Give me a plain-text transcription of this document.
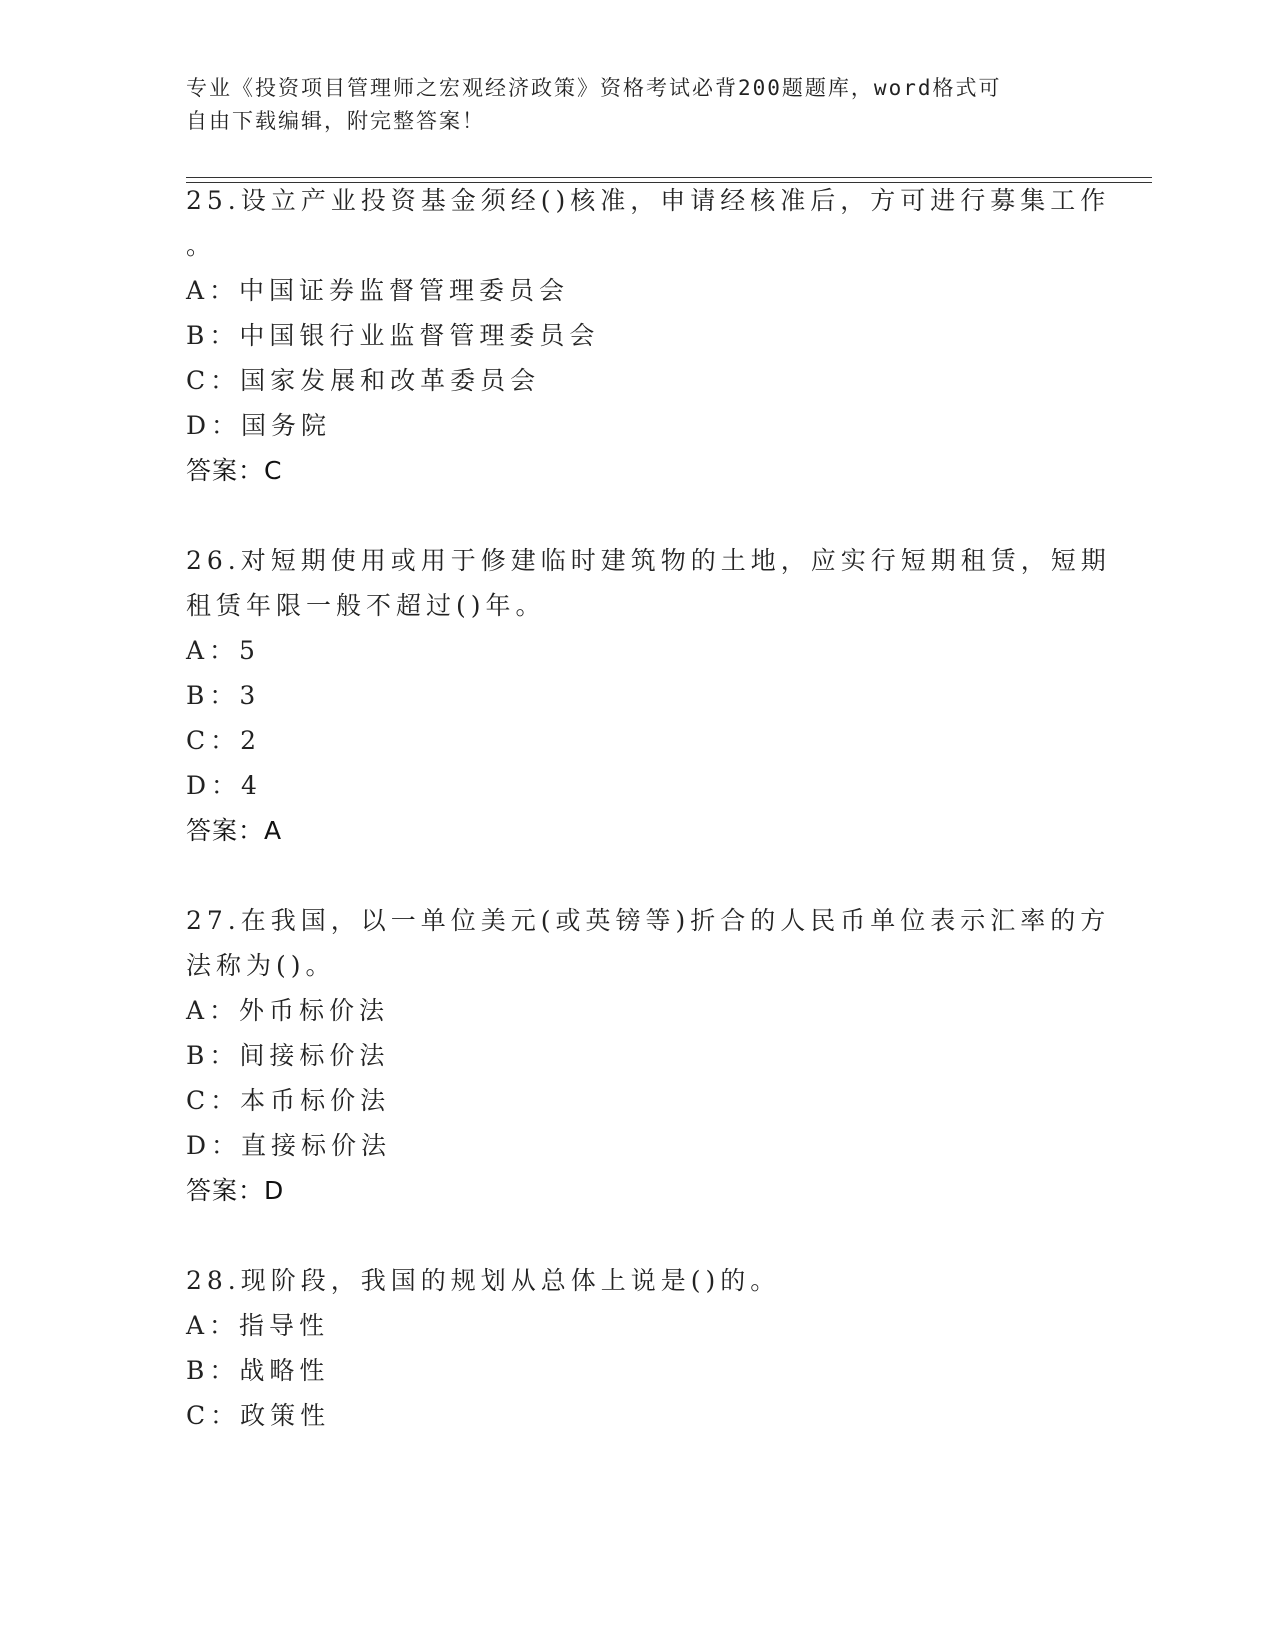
专业《投资项目管理师之宏观经济政策》资格考试必背200题题库，word格式可
自由下载编辑，附完整答案！
25.设立产业投资基金须经()核准，申请经核准后，方可进行募集工作
。
A：中国证券监督管理委员会
B：中国银行业监督管理委员会
C：国家发展和改革委员会
D：国务院
答案：C
26.对短期使用或用于修建临时建筑物的土地，应实行短期租赁，短期
租赁年限一般不超过()年。
A：5
B：3
C：2
D：4
答案：A
27.在我国，以一单位美元(或英镑等)折合的人民币单位表示汇率的方
法称为()。
A：外币标价法
B：间接标价法
C：本币标价法
D：直接标价法
答案：D
28.现阶段，我国的规划从总体上说是()的。
A：指导性
B：战略性
C：政策性
